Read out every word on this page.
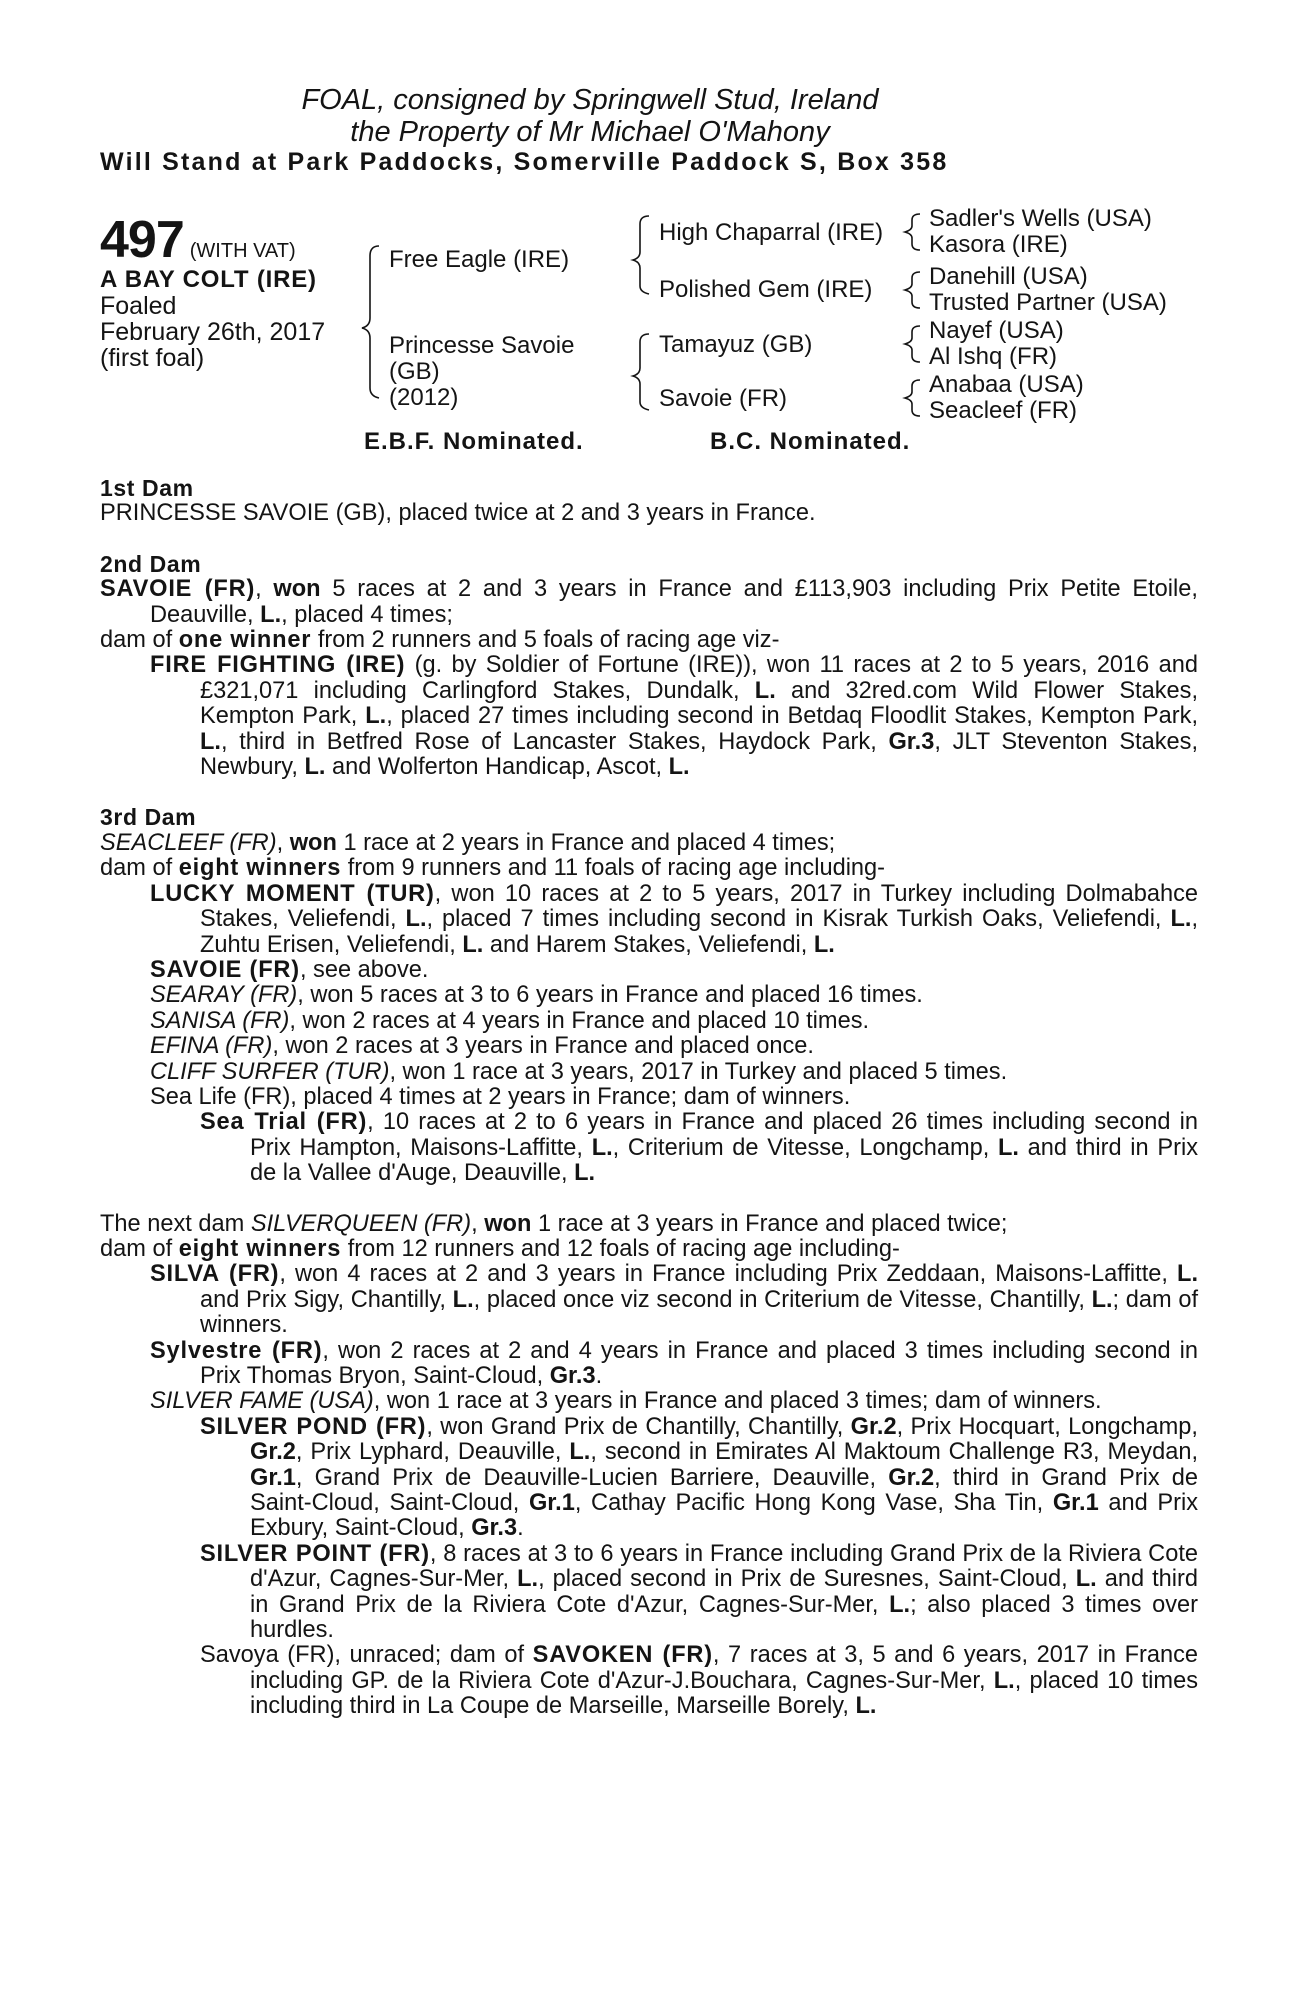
FOAL, consigned by Springwell Stud, Ireland
the Property of Mr Michael O'Mahony
Will Stand at Park Paddocks, Somerville Paddock S, Box 358
497 (WITH VAT)
A BAY COLT (IRE)
Foaled
February 26th, 2017
(first foal)
Free Eagle (IRE)
Princesse Savoie
(GB)
(2012)
High Chaparral (IRE)
Polished Gem (IRE)
Tamayuz (GB)
Savoie (FR)
Sadler's Wells (USA)
Kasora (IRE)
Danehill (USA)
Trusted Partner (USA)
Nayef (USA)
Al Ishq (FR)
Anabaa (USA)
Seacleef (FR)
E.B.F. Nominated.	B.C. Nominated.
1st Dam
PRINCESSE SAVOIE (GB), placed twice at 2 and 3 years in France.
2nd Dam
SAVOIE (FR), won 5 races at 2 and 3 years in France and £113,903 including Prix Petite Etoile, Deauville, L., placed 4 times;
dam of one winner from 2 runners and 5 foals of racing age viz-
FIRE FIGHTING (IRE) (g. by Soldier of Fortune (IRE)), won 11 races at 2 to 5 years, 2016 and £321,071 including Carlingford Stakes, Dundalk, L. and 32red.com Wild Flower Stakes, Kempton Park, L., placed 27 times including second in Betdaq Floodlit Stakes, Kempton Park, L., third in Betfred Rose of Lancaster Stakes, Haydock Park, Gr.3, JLT Steventon Stakes, Newbury, L. and Wolferton Handicap, Ascot, L.
3rd Dam
SEACLEEF (FR), won 1 race at 2 years in France and placed 4 times;
dam of eight winners from 9 runners and 11 foals of racing age including-
LUCKY MOMENT (TUR), won 10 races at 2 to 5 years, 2017 in Turkey including Dolmabahce Stakes, Veliefendi, L., placed 7 times including second in Kisrak Turkish Oaks, Veliefendi, L., Zuhtu Erisen, Veliefendi, L. and Harem Stakes, Veliefendi, L.
SAVOIE (FR), see above.
SEARAY (FR), won 5 races at 3 to 6 years in France and placed 16 times.
SANISA (FR), won 2 races at 4 years in France and placed 10 times.
EFINA (FR), won 2 races at 3 years in France and placed once.
CLIFF SURFER (TUR), won 1 race at 3 years, 2017 in Turkey and placed 5 times.
Sea Life (FR), placed 4 times at 2 years in France; dam of winners.
Sea Trial (FR), 10 races at 2 to 6 years in France and placed 26 times including second in Prix Hampton, Maisons-Laffitte, L., Criterium de Vitesse, Longchamp, L. and third in Prix de la Vallee d'Auge, Deauville, L.
The next dam SILVERQUEEN (FR), won 1 race at 3 years in France and placed twice;
dam of eight winners from 12 runners and 12 foals of racing age including-
SILVA (FR), won 4 races at 2 and 3 years in France including Prix Zeddaan, Maisons-Laffitte, L. and Prix Sigy, Chantilly, L., placed once viz second in Criterium de Vitesse, Chantilly, L.; dam of winners.
Sylvestre (FR), won 2 races at 2 and 4 years in France and placed 3 times including second in Prix Thomas Bryon, Saint-Cloud, Gr.3.
SILVER FAME (USA), won 1 race at 3 years in France and placed 3 times; dam of winners.
SILVER POND (FR), won Grand Prix de Chantilly, Chantilly, Gr.2, Prix Hocquart, Longchamp, Gr.2, Prix Lyphard, Deauville, L., second in Emirates Al Maktoum Challenge R3, Meydan, Gr.1, Grand Prix de Deauville-Lucien Barriere, Deauville, Gr.2, third in Grand Prix de Saint-Cloud, Saint-Cloud, Gr.1, Cathay Pacific Hong Kong Vase, Sha Tin, Gr.1 and Prix Exbury, Saint-Cloud, Gr.3.
SILVER POINT (FR), 8 races at 3 to 6 years in France including Grand Prix de la Riviera Cote d'Azur, Cagnes-Sur-Mer, L., placed second in Prix de Suresnes, Saint-Cloud, L. and third in Grand Prix de la Riviera Cote d'Azur, Cagnes-Sur-Mer, L.; also placed 3 times over hurdles.
Savoya (FR), unraced; dam of SAVOKEN (FR), 7 races at 3, 5 and 6 years, 2017 in France including GP. de la Riviera Cote d'Azur-J.Bouchara, Cagnes-Sur-Mer, L., placed 10 times including third in La Coupe de Marseille, Marseille Borely, L.
